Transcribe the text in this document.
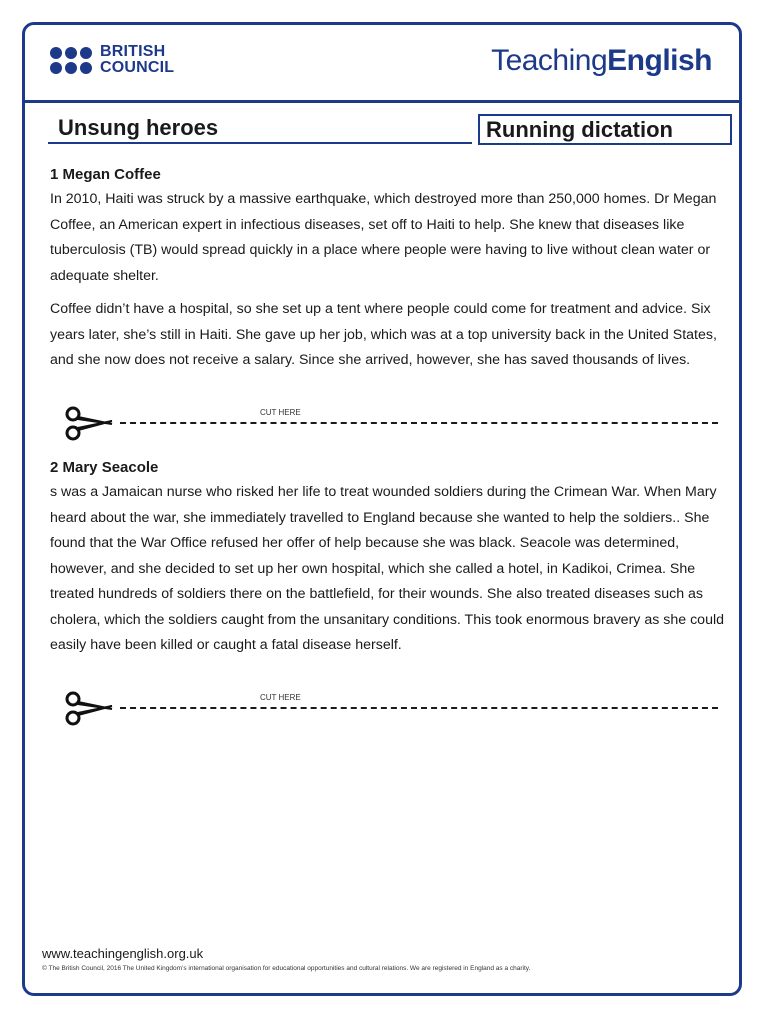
BRITISH
COUNCIL	TeachingEnglish
Unsung heroes	Running dictation
1 Megan Coffee

In 2010, Haiti was struck by a massive earthquake, which destroyed more than 250,000 homes. Dr Megan Coffee, an American expert in infectious diseases, set off to Haiti to help. She knew that diseases like tuberculosis (TB) would spread quickly in a place where people were having to live without clean water or adequate shelter.

Coffee didn’t have a hospital, so she set up a tent where people could come for treatment and advice. Six years later, she’s still in Haiti. She gave up her job, which was at a top university back in the United States, and she now does not receive a salary. Since she arrived, however, she has saved thousands of lives.

CUT HERE
2 Mary Seacole

s was a Jamaican nurse who risked her life to treat wounded soldiers during the Crimean War. When Mary heard about the war, she immediately travelled to England because she wanted to help the soldiers.. She found that the War Office refused her offer of help because she was black. Seacole was determined, however, and she decided to set up her own hospital, which she called a hotel, in Kadikoi, Crimea. She treated hundreds of soldiers there on the battlefield, for their wounds. She also treated diseases such as cholera, which the soldiers caught from the unsanitary conditions. This took enormous bravery as she could easily have been killed or caught a fatal disease herself.

CUT HERE
www.teachingenglish.org.uk
© The British Council, 2016 The United Kingdom’s international organisation for educational opportunities and cultural relations. We are registered in England as a charity.
